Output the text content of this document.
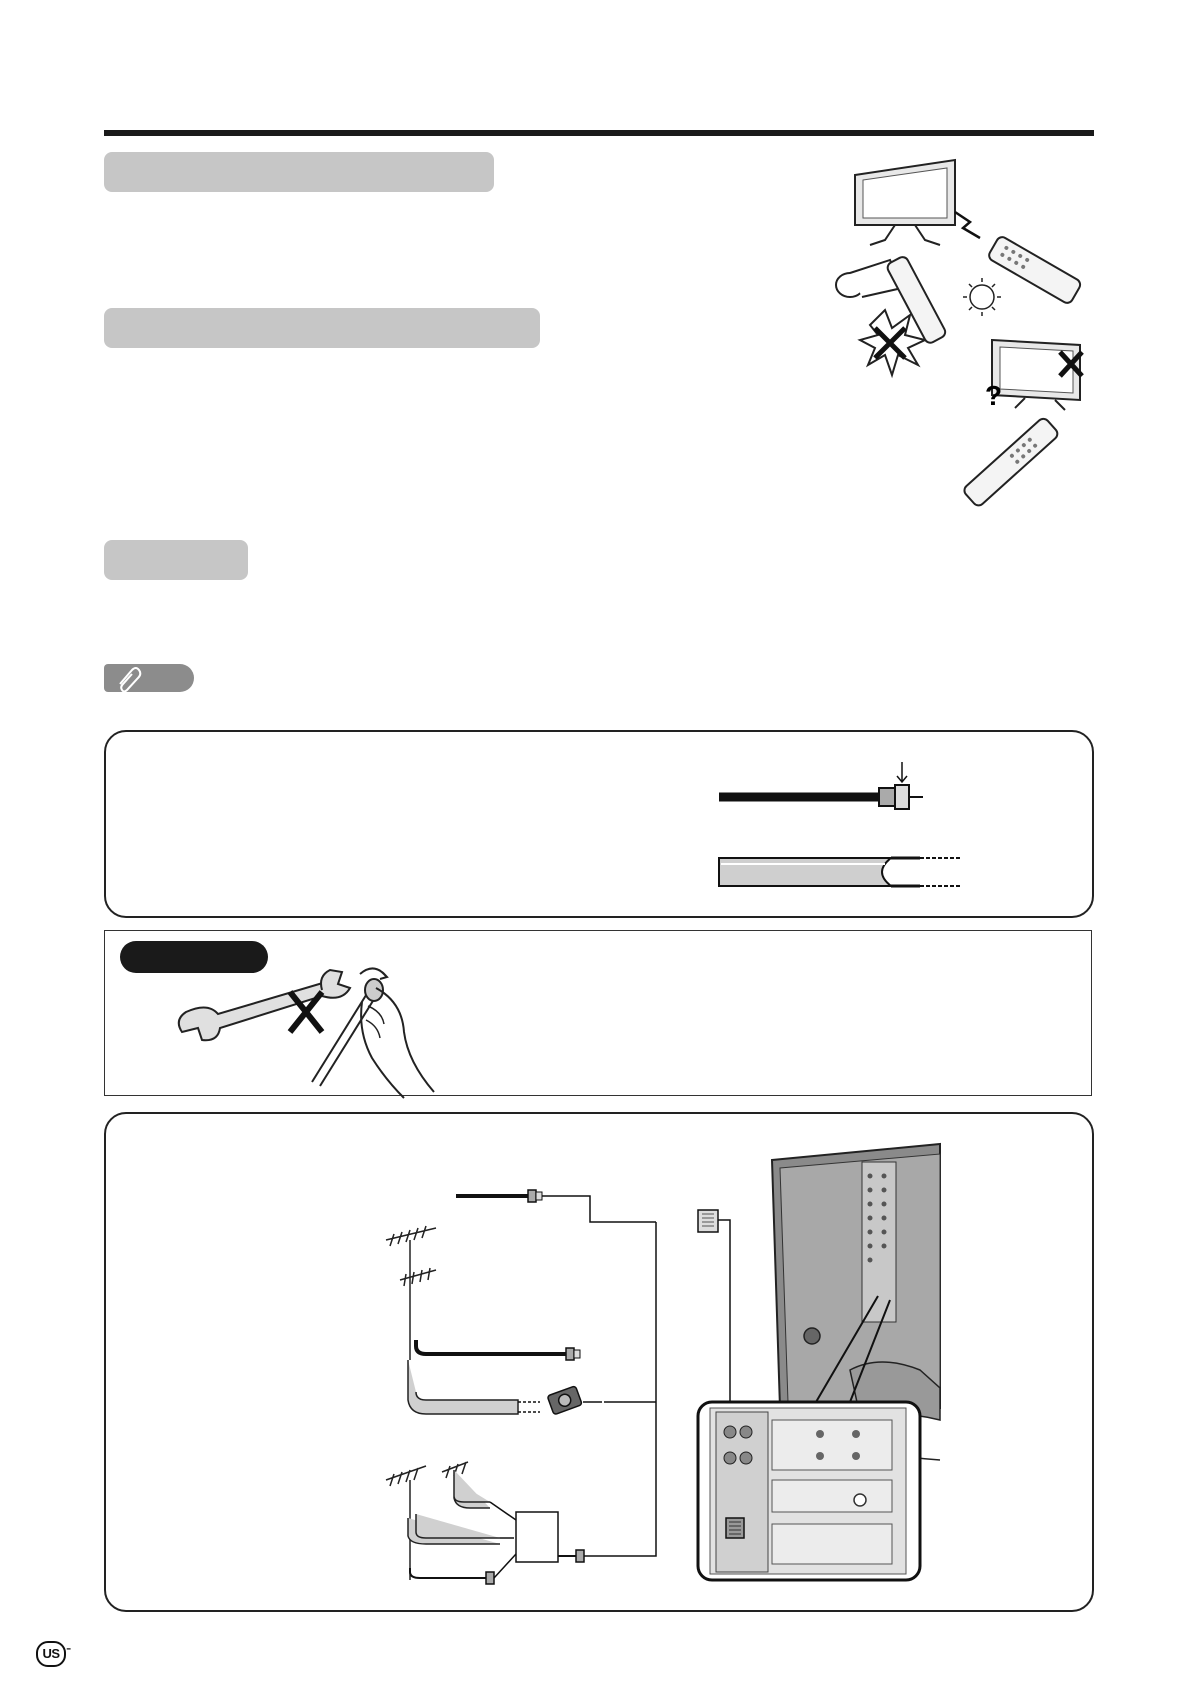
?
US -
